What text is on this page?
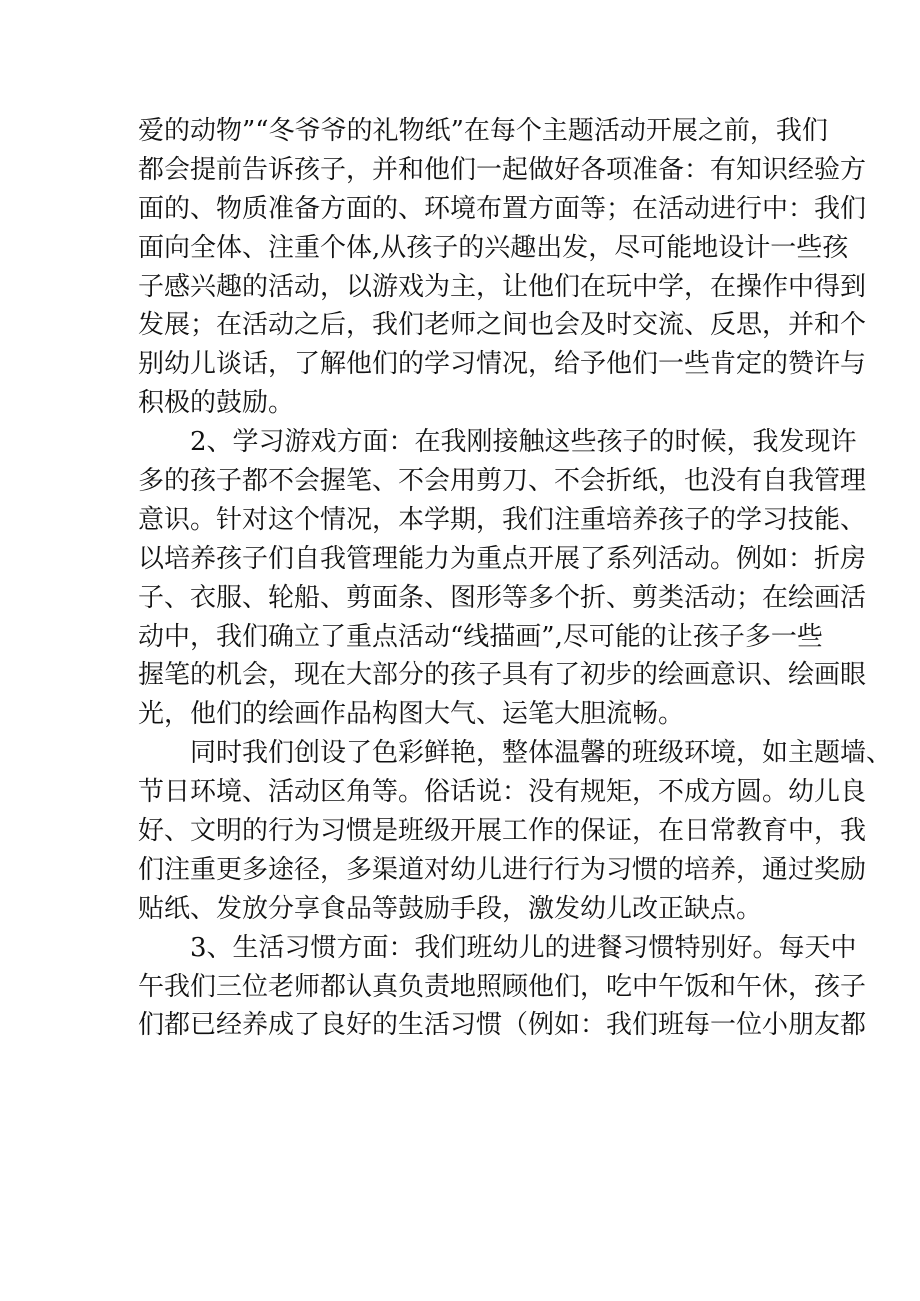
爱的动物”“冬爷爷的礼物纸”在每个主题活动开展之前，我们
都会提前告诉孩子，并和他们一起做好各项准备：有知识经验方
面的、物质准备方面的、环境布置方面等；在活动进行中：我们
面向全体、注重个体,从孩子的兴趣出发，尽可能地设计一些孩
子感兴趣的活动，以游戏为主，让他们在玩中学，在操作中得到
发展；在活动之后，我们老师之间也会及时交流、反思，并和个
别幼儿谈话，了解他们的学习情况，给予他们一些肯定的赞许与
积极的鼓励。
2、学习游戏方面：在我刚接触这些孩子的时候，我发现许
多的孩子都不会握笔、不会用剪刀、不会折纸，也没有自我管理
意识。针对这个情况，本学期，我们注重培养孩子的学习技能、
以培养孩子们自我管理能力为重点开展了系列活动。例如：折房
子、衣服、轮船、剪面条、图形等多个折、剪类活动；在绘画活
动中，我们确立了重点活动“线描画”,尽可能的让孩子多一些
握笔的机会，现在大部分的孩子具有了初步的绘画意识、绘画眼
光，他们的绘画作品构图大气、运笔大胆流畅。
同时我们创设了色彩鲜艳，整体温馨的班级环境，如主题墙、
节日环境、活动区角等。俗话说：没有规矩，不成方圆。幼儿良
好、文明的行为习惯是班级开展工作的保证，在日常教育中，我
们注重更多途径，多渠道对幼儿进行行为习惯的培养，通过奖励
贴纸、发放分享食品等鼓励手段，激发幼儿改正缺点。
3、生活习惯方面：我们班幼儿的进餐习惯特别好。每天中
午我们三位老师都认真负责地照顾他们，吃中午饭和午休，孩子
们都已经养成了良好的生活习惯（例如：我们班每一位小朋友都
